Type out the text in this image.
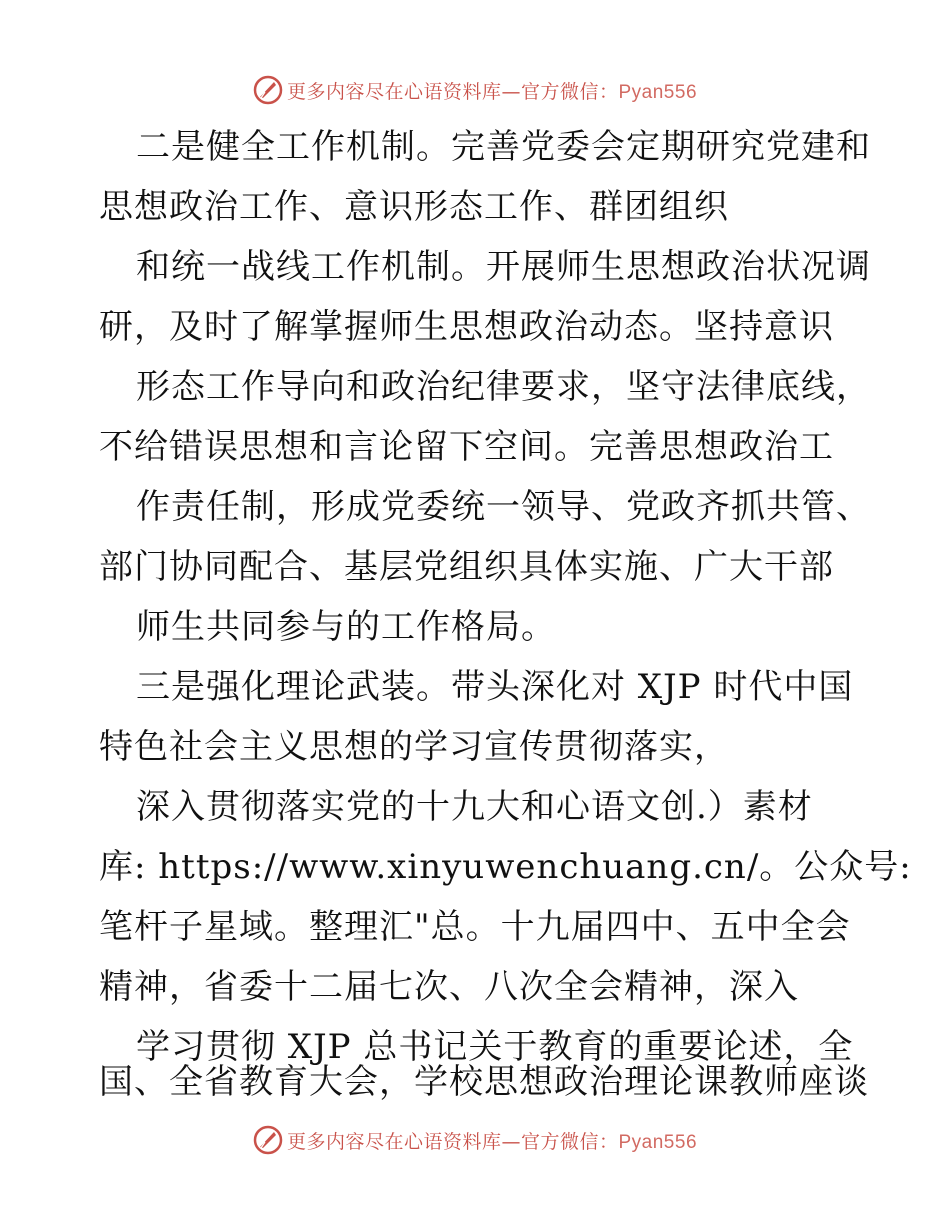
更多内容尽在心语资料库—官方微信：Pyan556
二是健全工作机制。完善党委会定期研究党建和
思想政治工作、意识形态工作、群团组织
和统一战线工作机制。开展师生思想政治状况调
研，及时了解掌握师生思想政治动态。坚持意识
形态工作导向和政治纪律要求，坚守法律底线，
不给错误思想和言论留下空间。完善思想政治工
作责任制，形成党委统一领导、党政齐抓共管、
部门协同配合、基层党组织具体实施、广大干部
师生共同参与的工作格局。
三是强化理论武装。带头深化对 XJP 时代中国
特色社会主义思想的学习宣传贯彻落实，
深入贯彻落实党的十九大和心语文创.）素材
库: https://www.xinyuwenchuang.cn/。公众号:
笔杆子星域。整理汇"总。十九届四中、五中全会
精神，省委十二届七次、八次全会精神，深入
学习贯彻 XJP 总书记关于教育的重要论述，全
国、全省教育大会，学校思想政治理论课教师座谈
更多内容尽在心语资料库—官方微信：Pyan556
